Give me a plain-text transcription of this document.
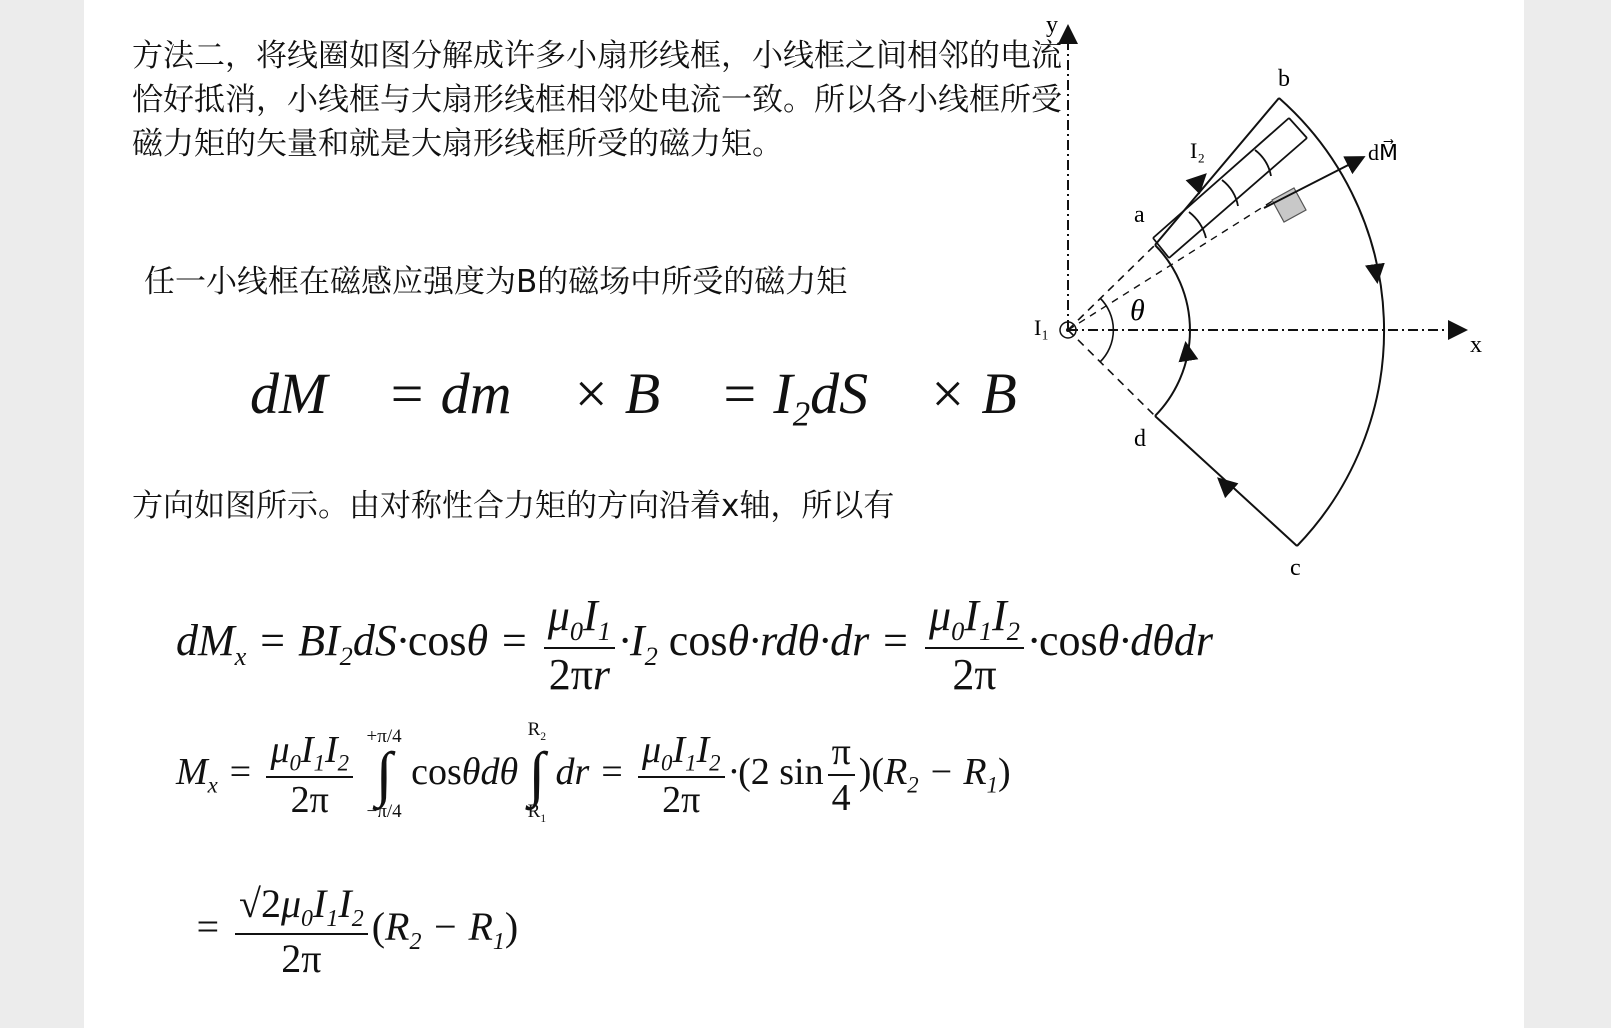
方法二，将线圈如图分解成许多小扇形线框，小线框之间相邻的电流恰好抵消，小线框与大扇形线框相邻处电流一致。所以各小线框所受磁力矩的矢量和就是大扇形线框所受的磁力矩。

任一小线框在磁感应强度为B的磁场中所受的磁力矩

dM⃗ = dm⃗ × B⃗ = $I_2dS⃗$ × B⃗

方向如图所示。由对称性合力矩的方向沿着x轴，所以有

$dM_x = BI_2dS\cdot\cos\theta = \frac{\mu_0I_1}{2\pi r} \cdot I_2$ $\cos\theta\cdot rd\theta\cdot dr = \frac{\mu_0I_1I_2}{2\pi} \cdot\cos\theta\cdot d\theta dr$
$M_x = \frac{\mu_0I_1I_2}{2\pi}$
+π/4
∫
−π/4
cosθdθ
$R_2$
∫
$R_1$
dr = $\frac{\mu_0I_1I_2}{2\pi} \cdot(2$ $\sin \frac{\pi}{4} )(R_2 - R_1)$
= $\frac{√2\mu_0I_1I_2}{2\pi} (R_2 - R_1)$
y
x
a
b
c
d
I₁
I₂	dM⃗
θ
